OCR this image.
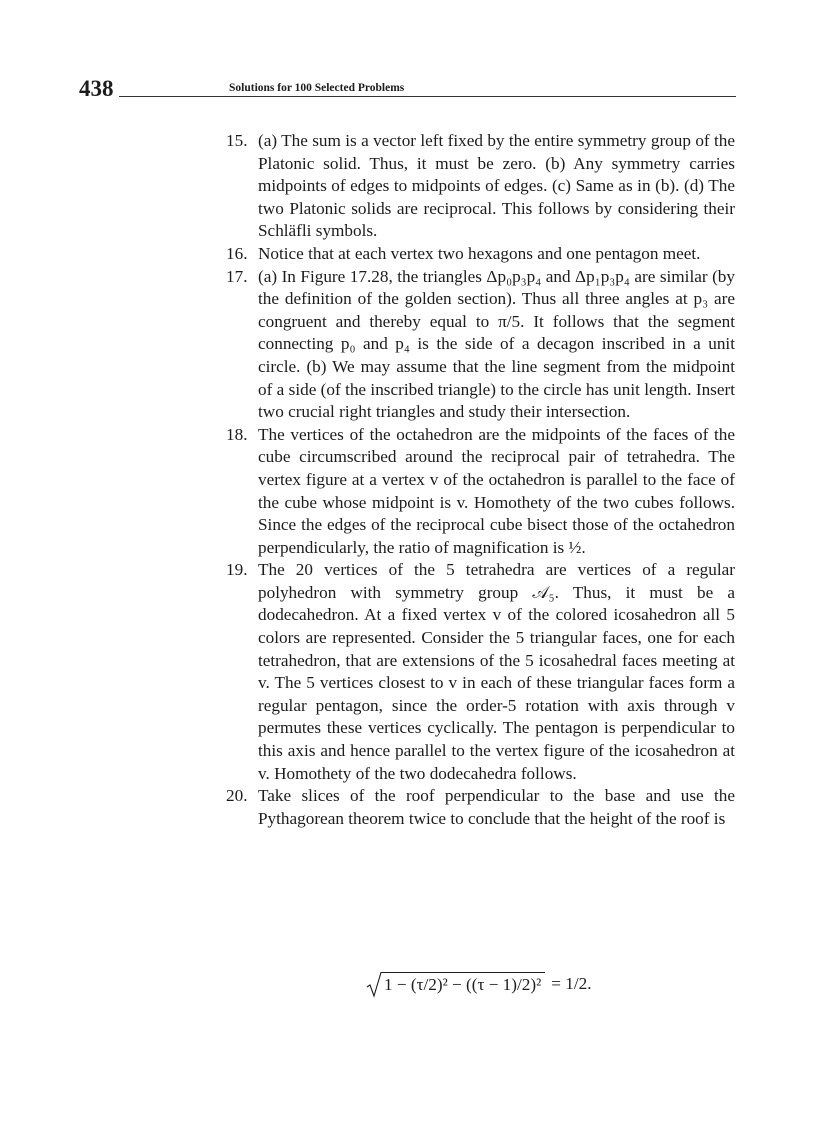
438	Solutions for 100 Selected Problems
15. (a) The sum is a vector left fixed by the entire symmetry group of the Platonic solid. Thus, it must be zero. (b) Any symmetry carries midpoints of edges to midpoints of edges. (c) Same as in (b). (d) The two Platonic solids are reciprocal. This follows by considering their Schläfli symbols.
16. Notice that at each vertex two hexagons and one pentagon meet.
17. (a) In Figure 17.28, the triangles Δp₀p₃p₄ and Δp₁p₃p₄ are similar (by the definition of the golden section). Thus all three angles at p₃ are congruent and thereby equal to π/5. It follows that the segment connecting p₀ and p₄ is the side of a decagon inscribed in a unit circle. (b) We may assume that the line segment from the midpoint of a side (of the inscribed triangle) to the circle has unit length. Insert two crucial right triangles and study their intersection.
18. The vertices of the octahedron are the midpoints of the faces of the cube circumscribed around the reciprocal pair of tetrahedra. The vertex figure at a vertex v of the octahedron is parallel to the face of the cube whose midpoint is v. Homothety of the two cubes follows. Since the edges of the reciprocal cube bisect those of the octahedron perpendicularly, the ratio of magnification is ½.
19. The 20 vertices of the 5 tetrahedra are vertices of a regular polyhedron with symmetry group 𝒜₅. Thus, it must be a dodecahedron. At a fixed vertex v of the colored icosahedron all 5 colors are represented. Consider the 5 triangular faces, one for each tetrahedron, that are extensions of the 5 icosahedral faces meeting at v. The 5 vertices closest to v in each of these triangular faces form a regular pentagon, since the order-5 rotation with axis through v permutes these vertices cyclically. The pentagon is perpendicular to this axis and hence parallel to the vertex figure of the icosahedron at v. Homothety of the two dodecahedra follows.
20. Take slices of the roof perpendicular to the base and use the Pythagorean theorem twice to conclude that the height of the roof is
1 − (τ/2)² − ((τ − 1)/2)² = 1/2.
